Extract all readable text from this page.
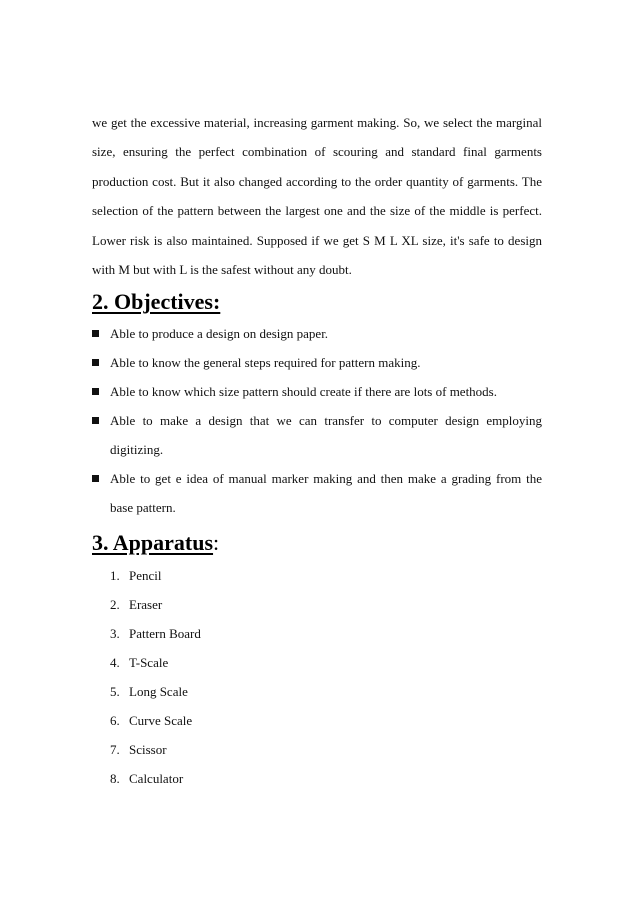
we get the excessive material, increasing garment making. So, we select the marginal size, ensuring the perfect combination of scouring and standard final garments production cost. But it also changed according to the order quantity of garments. The selection of the pattern between the largest one and the size of the middle is perfect. Lower risk is also maintained. Supposed if we get S M L XL size, it's safe to design with M but with L is the safest without any doubt.

2. Objectives:
Able to produce a design on design paper.
Able to know the general steps required for pattern making.
Able to know which size pattern should create if there are lots of methods.
Able to make a design that we can transfer to computer design employing digitizing.
Able to get e idea of manual marker making and then make a grading from the base pattern.
3. Apparatus:
1. Pencil
2. Eraser
3. Pattern Board
4. T-Scale
5. Long Scale
6. Curve Scale
7. Scissor
8. Calculator
